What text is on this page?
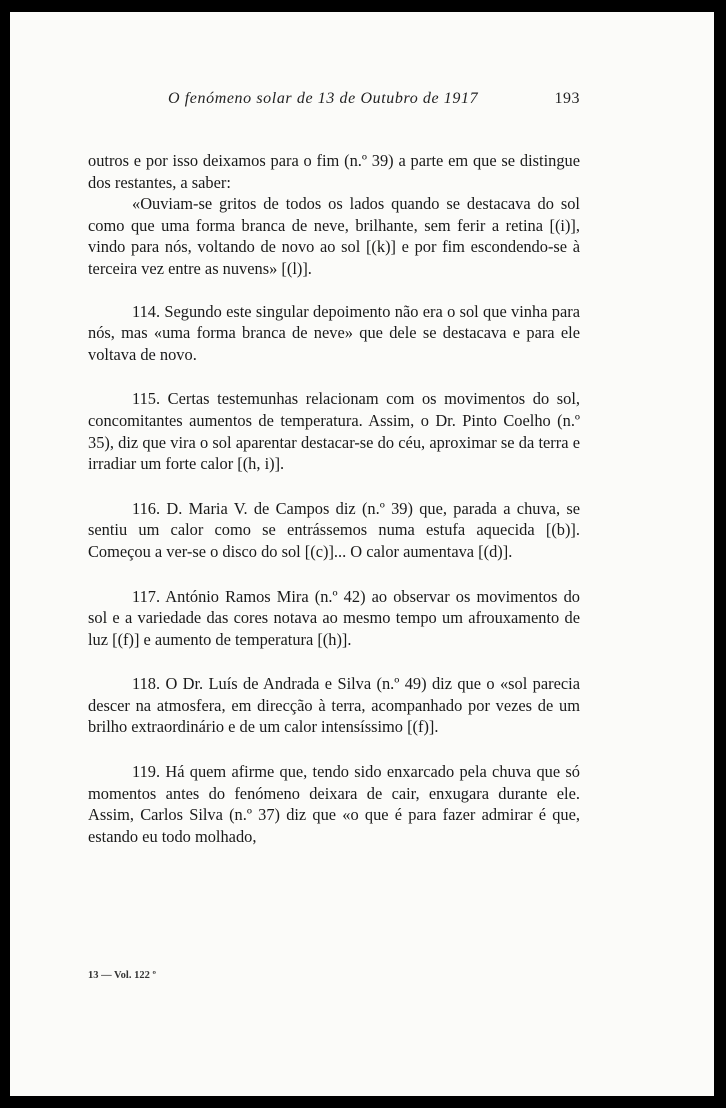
O fenómeno solar de 13 de Outubro de 1917	193

outros e por isso deixamos para o fim (n.º 39) a parte em que se distingue dos restantes, a saber:

«Ouviam-se gritos de todos os lados quando se destacava do sol como que uma forma branca de neve, brilhante, sem ferir a retina [(i)], vindo para nós, voltando de novo ao sol [(k)] e por fim escondendo-se à terceira vez entre as nuvens» [(l)].

114. Segundo este singular depoimento não era o sol que vinha para nós, mas «uma forma branca de neve» que dele se destacava e para ele voltava de novo.

115. Certas testemunhas relacionam com os movimentos do sol, concomitantes aumentos de temperatura. Assim, o Dr. Pinto Coelho (n.º 35), diz que vira o sol aparentar destacar-se do céu, aproximar se da terra e irradiar um forte calor [(h, i)].

116. D. Maria V. de Campos diz (n.º 39) que, parada a chuva, se sentiu um calor como se entrássemos numa estufa aquecida [(b)]. Começou a ver-se o disco do sol [(c)]... O calor aumentava [(d)].

117. António Ramos Mira (n.º 42) ao observar os movimentos do sol e a variedade das cores notava ao mesmo tempo um afrouxamento de luz [(f)] e aumento de temperatura [(h)].

118. O Dr. Luís de Andrada e Silva (n.º 49) diz que o «sol parecia descer na atmosfera, em direcção à terra, acompanhado por vezes de um brilho extraordinário e de um calor intensíssimo [(f)].

119. Há quem afirme que, tendo sido enxarcado pela chuva que só momentos antes do fenómeno deixara de cair, enxugara durante ele. Assim, Carlos Silva (n.º 37) diz que «o que é para fazer admirar é que, estando eu todo molhado,

13 — Vol. 122 º
